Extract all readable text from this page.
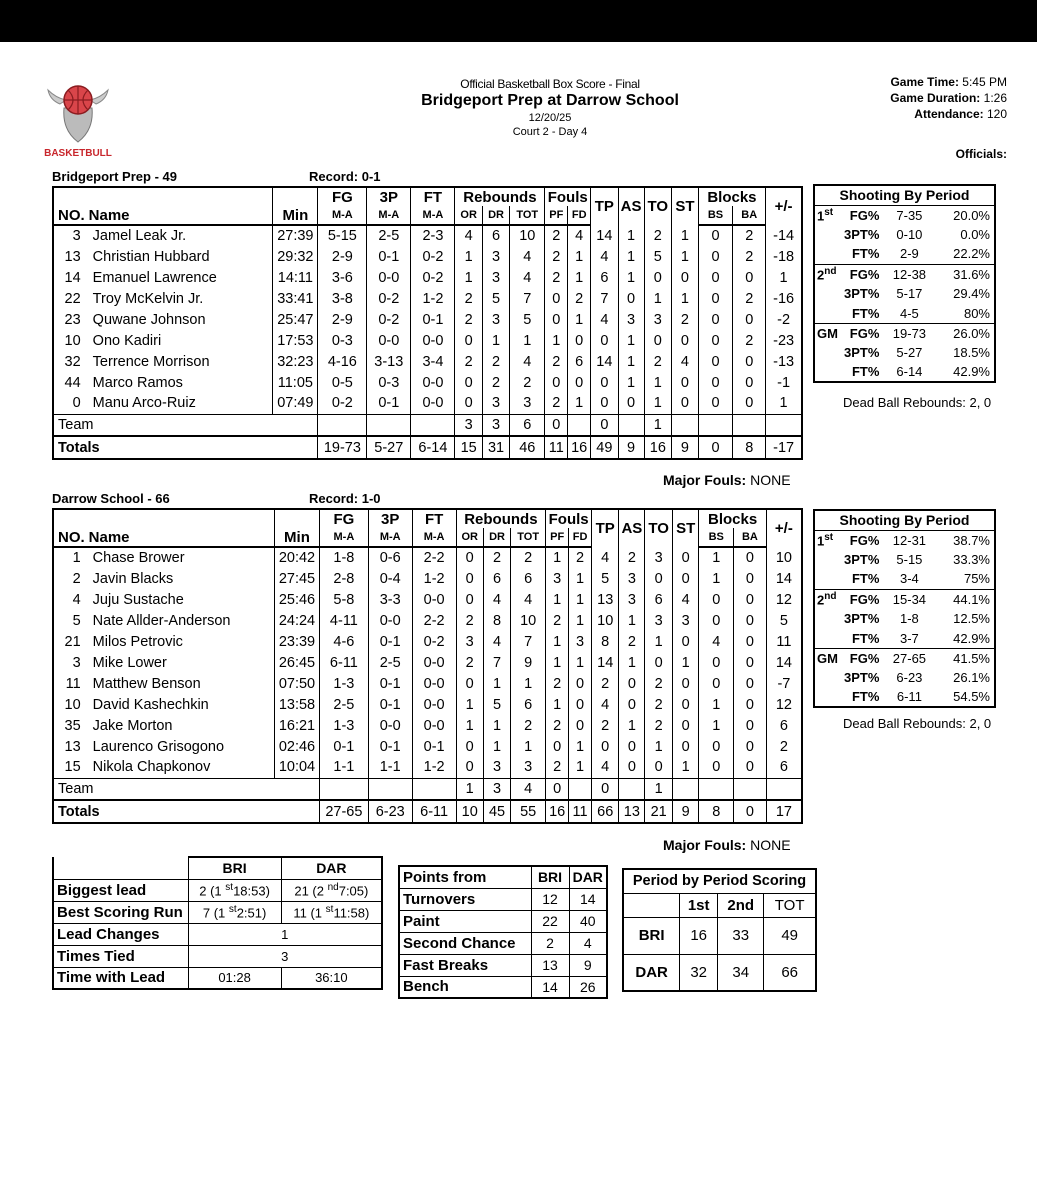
BASKETBULL
Official Basketball Box Score - Final
Bridgeport Prep at Darrow School
12/20/25
Court 2 - Day 4
Game Time: 5:45 PM
Game Duration: 1:26
Attendance: 120
Officials:
Bridgeport Prep - 49	Record: 0-1
			FG	3P	FT	Rebounds			Fouls		TP	AS	TO	ST	Blocks		+/-
NO.	Name	Min	M-A	M-A	M-A	OR	DR	TOT	PF	FD					BS	BA	
3	Jamel Leak Jr.	27:39	5-15	2-5	2-3	4	6	10	2	4	14	1	2	1	0	2	-14
13	Christian Hubbard	29:32	2-9	0-1	0-2	1	3	4	2	1	4	1	5	1	0	2	-18
14	Emanuel Lawrence	14:11	3-6	0-0	0-2	1	3	4	2	1	6	1	0	0	0	0	1
22	Troy McKelvin Jr.	33:41	3-8	0-2	1-2	2	5	7	0	2	7	0	1	1	0	2	-16
23	Quwane Johnson	25:47	2-9	0-2	0-1	2	3	5	0	1	4	3	3	2	0	0	-2
10	Ono Kadiri	17:53	0-3	0-0	0-0	0	1	1	1	0	0	1	0	0	0	2	-23
32	Terrence Morrison	32:23	4-16	3-13	3-4	2	2	4	2	6	14	1	2	4	0	0	-13
44	Marco Ramos	11:05	0-5	0-3	0-0	0	2	2	0	0	0	1	1	0	0	0	-1
0	Manu Arco-Ruiz	07:49	0-2	0-1	0-0	0	3	3	2	1	0	0	1	0	0	0	1
Team						3	3	6	0		0		1				
Totals			19-73	5-27	6-14	15	31	46	11	16	49	9	16	9	0	8	-17
Major Fouls: NONE
Shooting By Period			
1st	FG%	7-35	20.0%
	3PT%	0-10	0.0%
	FT%	2-9	22.2%
2nd	FG%	12-38	31.6%
	3PT%	5-17	29.4%
	FT%	4-5	80%
GM	FG%	19-73	26.0%
	3PT%	5-27	18.5%
	FT%	6-14	42.9%
Dead Ball Rebounds: 2, 0
Darrow School - 66	Record: 1-0
			FG	3P	FT	Rebounds			Fouls		TP	AS	TO	ST	Blocks		+/-
NO.	Name	Min	M-A	M-A	M-A	OR	DR	TOT	PF	FD					BS	BA	
1	Chase Brower	20:42	1-8	0-6	2-2	0	2	2	1	2	4	2	3	0	1	0	10
2	Javin Blacks	27:45	2-8	0-4	1-2	0	6	6	3	1	5	3	0	0	1	0	14
4	Juju Sustache	25:46	5-8	3-3	0-0	0	4	4	1	1	13	3	6	4	0	0	12
5	Nate Allder-Anderson	24:24	4-11	0-0	2-2	2	8	10	2	1	10	1	3	3	0	0	5
21	Milos Petrovic	23:39	4-6	0-1	0-2	3	4	7	1	3	8	2	1	0	4	0	11
3	Mike Lower	26:45	6-11	2-5	0-0	2	7	9	1	1	14	1	0	1	0	0	14
11	Matthew Benson	07:50	1-3	0-1	0-0	0	1	1	2	0	2	0	2	0	0	0	-7
10	David Kashechkin	13:58	2-5	0-1	0-0	1	5	6	1	0	4	0	2	0	1	0	12
35	Jake Morton	16:21	1-3	0-0	0-0	1	1	2	2	0	2	1	2	0	1	0	6
13	Laurenco Grisogono	02:46	0-1	0-1	0-1	0	1	1	0	1	0	0	1	0	0	0	2
15	Nikola Chapkonov	10:04	1-1	1-1	1-2	0	3	3	2	1	4	0	0	1	0	0	6
Team						1	3	4	0		0		1				
Totals			27-65	6-23	6-11	10	45	55	16	11	66	13	21	9	8	0	17
Major Fouls: NONE
Shooting By Period			
1st	FG%	12-31	38.7%
	3PT%	5-15	33.3%
	FT%	3-4	75%
2nd	FG%	15-34	44.1%
	3PT%	1-8	12.5%
	FT%	3-7	42.9%
GM	FG%	27-65	41.5%
	3PT%	6-23	26.1%
	FT%	6-11	54.5%
Dead Ball Rebounds: 2, 0
	BRI	DAR
Biggest lead	2 (1 $^{st}$18:53)	21 (2 $^{nd}$7:05)
Best Scoring Run	7 (1 $^{st}$2:51)	11 (1 $^{st}$11:58)
Lead Changes	1	
Times Tied	3	
Time with Lead	01:28	36:10
Points from	BRI	DAR
Turnovers	12	14
Paint	22	40
Second Chance	2	4
Fast Breaks	13	9
Bench	14	26
Period by Period Scoring			
	1st	2nd	TOT
BRI	16	33	49
DAR	32	34	66
